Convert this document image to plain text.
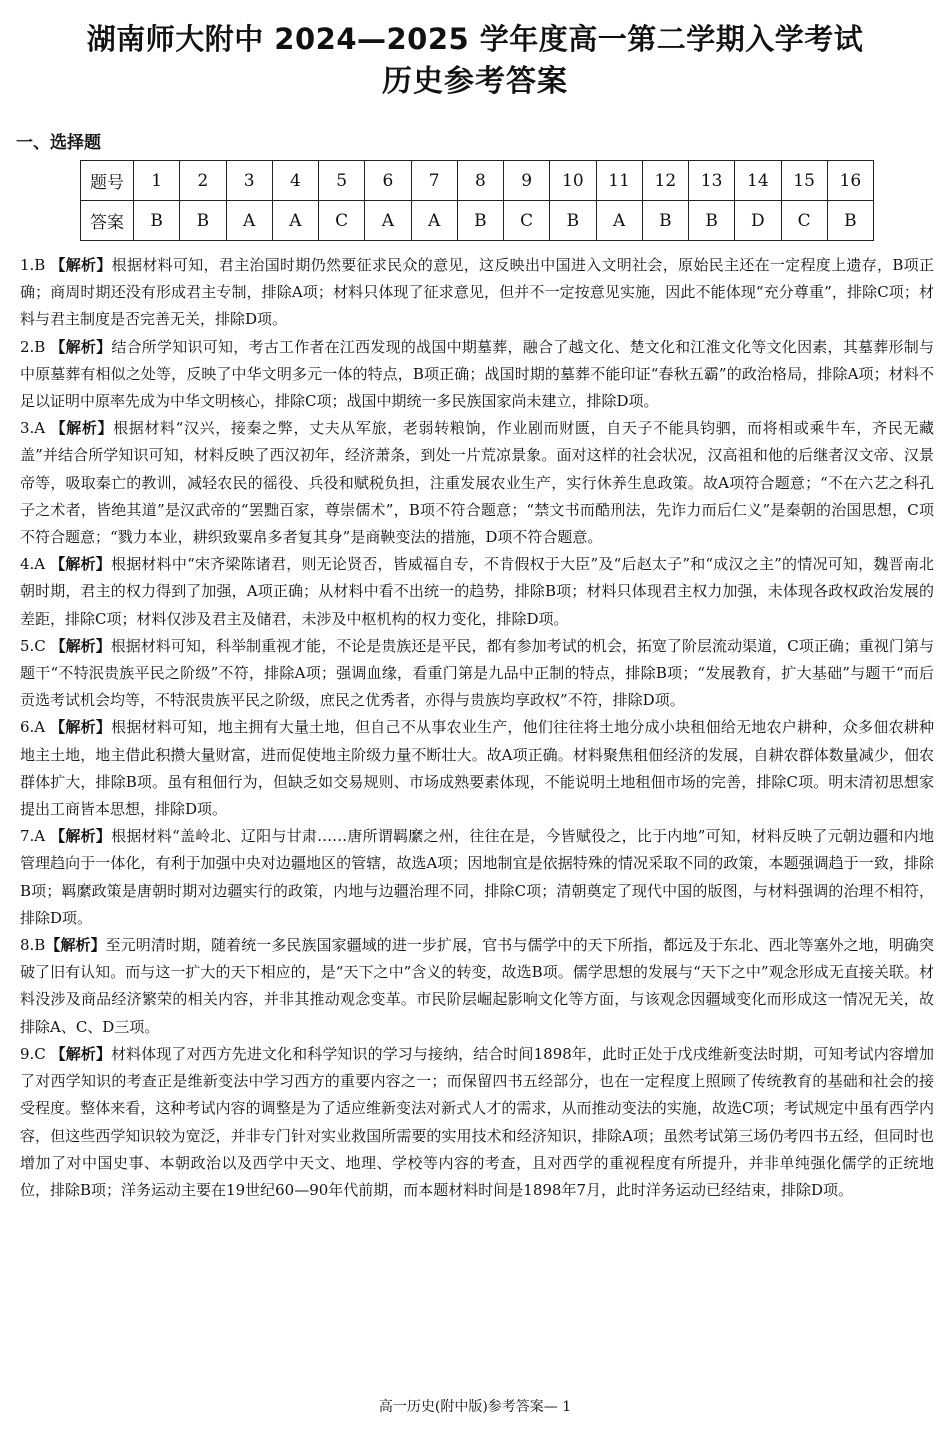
湖南师大附中 2024—2025 学年度高一第二学期入学考试
历史参考答案
一、选择题
题号	1	2	3	4	5	6	7	8	9	10	11	12	13	14	15	16
答案	B	B	A	A	C	A	A	B	C	B	A	B	B	D	C	B

1.B 【解析】根据材料可知，君主治国时期仍然要征求民众的意见，这反映出中国进入文明社会，原始民主还在一定程度上遗存，B项正确；商周时期还没有形成君主专制，排除A项；材料只体现了征求意见，但并不一定按意见实施，因此不能体现“充分尊重”，排除C项；材料与君主制度是否完善无关，排除D项。

2.B 【解析】结合所学知识可知，考古工作者在江西发现的战国中期墓葬，融合了越文化、楚文化和江淮文化等文化因素，其墓葬形制与中原墓葬有相似之处等，反映了中华文明多元一体的特点，B项正确；战国时期的墓葬不能印证“春秋五霸”的政治格局，排除A项；材料不足以证明中原率先成为中华文明核心，排除C项；战国中期统一多民族国家尚未建立，排除D项。

3.A 【解析】根据材料“汉兴，接秦之弊，丈夫从军旅，老弱转粮饷，作业剧而财匮，自天子不能具钧驷，而将相或乘牛车，齐民无藏盖”并结合所学知识可知，材料反映了西汉初年，经济萧条，到处一片荒凉景象。面对这样的社会状况，汉高祖和他的后继者汉文帝、汉景帝等，吸取秦亡的教训，减轻农民的徭役、兵役和赋税负担，注重发展农业生产，实行休养生息政策。故A项符合题意；“不在六艺之科孔子之术者，皆绝其道”是汉武帝的“罢黜百家，尊崇儒术”，B项不符合题意；“禁文书而酷刑法，先诈力而后仁义”是秦朝的治国思想，C项不符合题意；“戮力本业，耕织致粟帛多者复其身”是商鞅变法的措施，D项不符合题意。

4.A 【解析】根据材料中“宋齐梁陈诸君，则无论贤否，皆威福自专，不肯假权于大臣”及“后赵太子”和“成汉之主”的情况可知，魏晋南北朝时期，君主的权力得到了加强，A项正确；从材料中看不出统一的趋势，排除B项；材料只体现君主权力加强，未体现各政权政治发展的差距，排除C项；材料仅涉及君主及储君，未涉及中枢机构的权力变化，排除D项。

5.C 【解析】根据材料可知，科举制重视才能，不论是贵族还是平民，都有参加考试的机会，拓宽了阶层流动渠道，C项正确；重视门第与题干“不特泯贵族平民之阶级”不符，排除A项；强调血缘，看重门第是九品中正制的特点，排除B项；“发展教育，扩大基础”与题干“而后贡选考试机会均等，不特泯贵族平民之阶级，庶民之优秀者，亦得与贵族均享政权”不符，排除D项。

6.A 【解析】根据材料可知，地主拥有大量土地，但自己不从事农业生产，他们往往将土地分成小块租佃给无地农户耕种，众多佃农耕种地主土地，地主借此积攒大量财富，进而促使地主阶级力量不断壮大。故A项正确。材料聚焦租佃经济的发展，自耕农群体数量减少，佃农群体扩大，排除B项。虽有租佃行为，但缺乏如交易规则、市场成熟要素体现，不能说明土地租佃市场的完善，排除C项。明末清初思想家提出工商皆本思想，排除D项。

7.A 【解析】根据材料“盖岭北、辽阳与甘肃……唐所谓羁縻之州，往往在是，今皆赋役之，比于内地”可知，材料反映了元朝边疆和内地管理趋向于一体化，有利于加强中央对边疆地区的管辖，故选A项；因地制宜是依据特殊的情况采取不同的政策，本题强调趋于一致，排除B项；羁縻政策是唐朝时期对边疆实行的政策，内地与边疆治理不同，排除C项；清朝奠定了现代中国的版图，与材料强调的治理不相符，排除D项。

8.B【解析】至元明清时期，随着统一多民族国家疆域的进一步扩展，官书与儒学中的天下所指，都远及于东北、西北等塞外之地，明确突破了旧有认知。而与这一扩大的天下相应的，是“天下之中”含义的转变，故选B项。儒学思想的发展与“天下之中”观念形成无直接关联。材料没涉及商品经济繁荣的相关内容，并非其推动观念变革。市民阶层崛起影响文化等方面，与该观念因疆域变化而形成这一情况无关，故排除A、C、D三项。

9.C 【解析】材料体现了对西方先进文化和科学知识的学习与接纳，结合时间1898年，此时正处于戊戌维新变法时期，可知考试内容增加了对西学知识的考查正是维新变法中学习西方的重要内容之一；而保留四书五经部分，也在一定程度上照顾了传统教育的基础和社会的接受程度。整体来看，这种考试内容的调整是为了适应维新变法对新式人才的需求，从而推动变法的实施，故选C项；考试规定中虽有西学内容，但这些西学知识较为宽泛，并非专门针对实业救国所需要的实用技术和经济知识，排除A项；虽然考试第三场仍考四书五经，但同时也增加了对中国史事、本朝政治以及西学中天文、地理、学校等内容的考查，且对西学的重视程度有所提升，并非单纯强化儒学的正统地位，排除B项；洋务运动主要在19世纪60—90年代前期，而本题材料时间是1898年7月，此时洋务运动已经结束，排除D项。

高一历史(附中版)参考答案— 1
